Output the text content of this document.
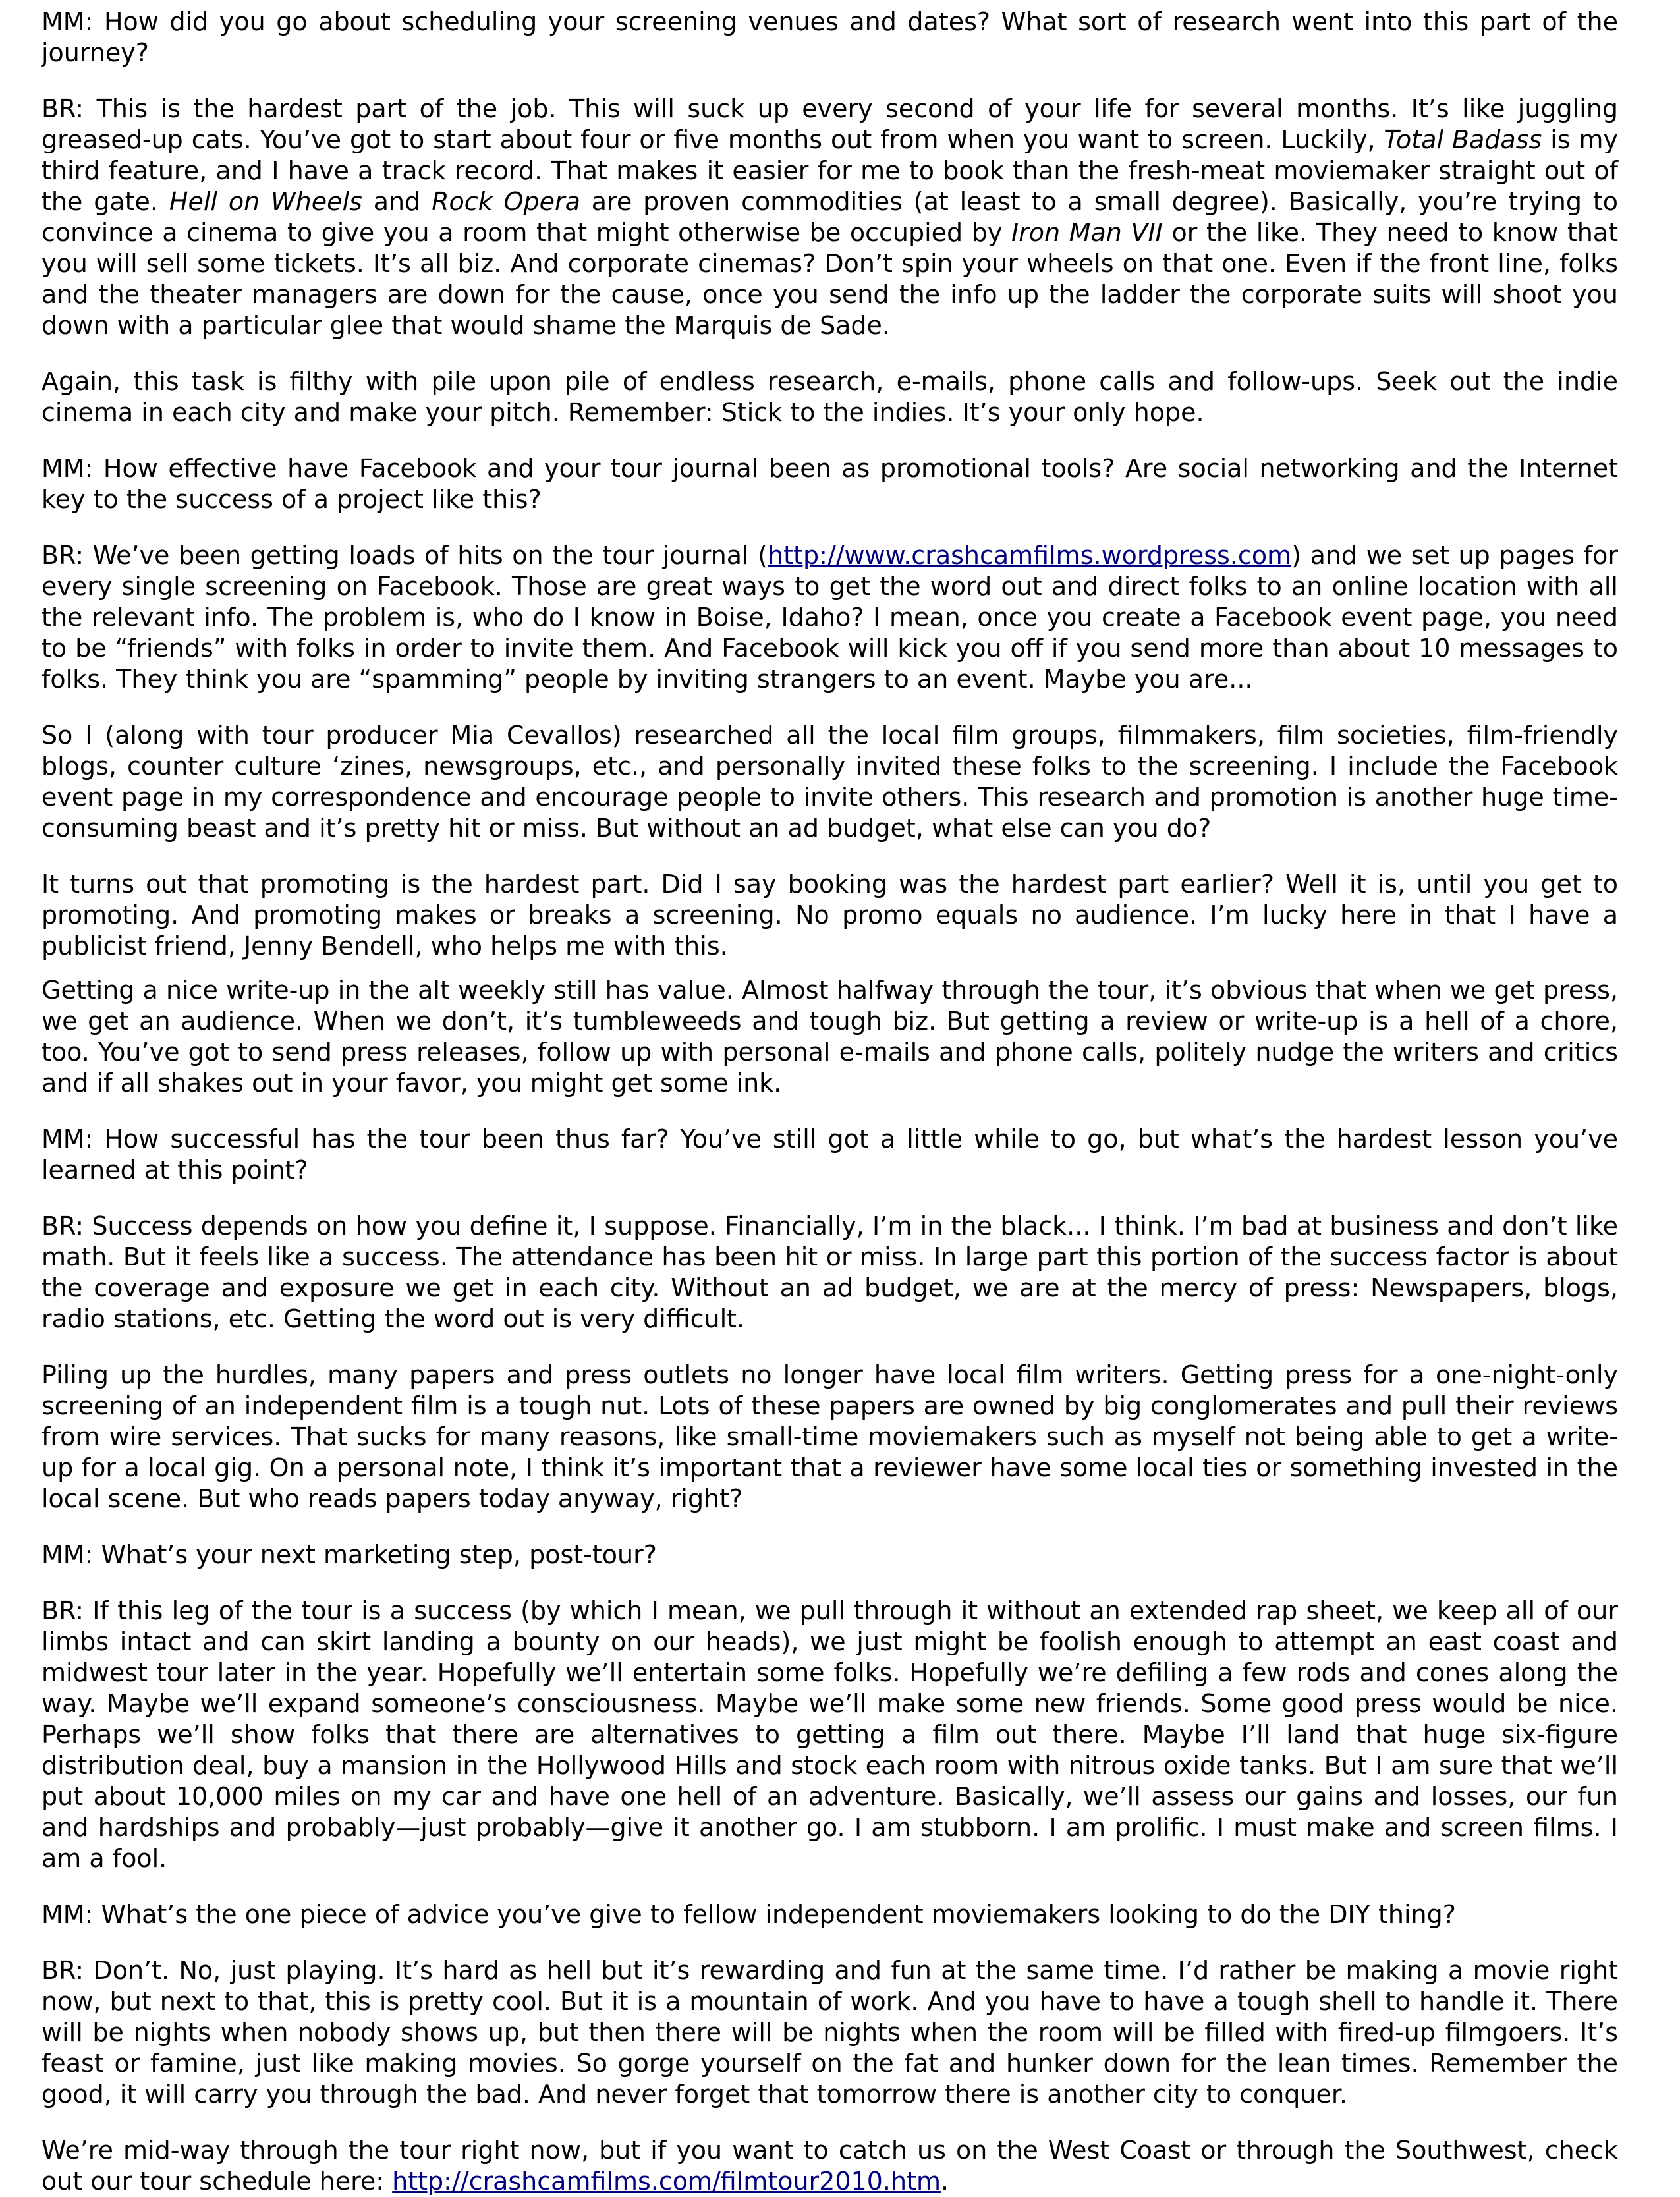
MM: How did you go about scheduling your screening venues and dates? What sort of research went into this part of the journey?

BR: This is the hardest part of the job. This will suck up every second of your life for several months. It’s like juggling greased-up cats. You’ve got to start about four or five months out from when you want to screen. Luckily, Total Badass is my third feature, and I have a track record. That makes it easier for me to book than the fresh-meat moviemaker straight out of the gate. Hell on Wheels and Rock Opera are proven commodities (at least to a small degree). Basically, you’re trying to convince a cinema to give you a room that might otherwise be occupied by Iron Man VII or the like. They need to know that you will sell some tickets. It’s all biz. And corporate cinemas? Don’t spin your wheels on that one. Even if the front line, folks and the theater managers are down for the cause, once you send the info up the ladder the corporate suits will shoot you down with a particular glee that would shame the Marquis de Sade.

Again, this task is filthy with pile upon pile of endless research, e-mails, phone calls and follow-ups. Seek out the indie cinema in each city and make your pitch. Remember: Stick to the indies. It’s your only hope.

MM: How effective have Facebook and your tour journal been as promotional tools? Are social networking and the Internet key to the success of a project like this?

BR: We’ve been getting loads of hits on the tour journal (http://www.crashcamfilms.wordpress.com) and we set up pages for every single screening on Facebook. Those are great ways to get the word out and direct folks to an online location with all the relevant info. The problem is, who do I know in Boise, Idaho? I mean, once you create a Facebook event page, you need to be “friends” with folks in order to invite them. And Facebook will kick you off if you send more than about 10 messages to folks. They think you are “spamming” people by inviting strangers to an event. Maybe you are...

So I (along with tour producer Mia Cevallos) researched all the local film groups, filmmakers, film societies, film-friendly blogs, counter culture ‘zines, newsgroups, etc., and personally invited these folks to the screening. I include the Facebook event page in my correspondence and encourage people to invite others. This research and promotion is another huge time-consuming beast and it’s pretty hit or miss. But without an ad budget, what else can you do?

It turns out that promoting is the hardest part. Did I say booking was the hardest part earlier? Well it is, until you get to promoting. And promoting makes or breaks a screening. No promo equals no audience. I’m lucky here in that I have a publicist friend, Jenny Bendell, who helps me with this.

Getting a nice write-up in the alt weekly still has value. Almost halfway through the tour, it’s obvious that when we get press, we get an audience. When we don’t, it’s tumbleweeds and tough biz. But getting a review or write-up is a hell of a chore, too. You’ve got to send press releases, follow up with personal e-mails and phone calls, politely nudge the writers and critics and if all shakes out in your favor, you might get some ink.

MM: How successful has the tour been thus far? You’ve still got a little while to go, but what’s the hardest lesson you’ve learned at this point?

BR: Success depends on how you define it, I suppose. Financially, I’m in the black... I think. I’m bad at business and don’t like math. But it feels like a success. The attendance has been hit or miss. In large part this portion of the success factor is about the coverage and exposure we get in each city. Without an ad budget, we are at the mercy of press: Newspapers, blogs, radio stations, etc. Getting the word out is very difficult.

Piling up the hurdles, many papers and press outlets no longer have local film writers. Getting press for a one-night-only screening of an independent film is a tough nut. Lots of these papers are owned by big conglomerates and pull their reviews from wire services. That sucks for many reasons, like small-time moviemakers such as myself not being able to get a write-up for a local gig. On a personal note, I think it’s important that a reviewer have some local ties or something invested in the local scene. But who reads papers today anyway, right?

MM: What’s your next marketing step, post-tour?

BR: If this leg of the tour is a success (by which I mean, we pull through it without an extended rap sheet, we keep all of our limbs intact and can skirt landing a bounty on our heads), we just might be foolish enough to attempt an east coast and midwest tour later in the year. Hopefully we’ll entertain some folks. Hopefully we’re defiling a few rods and cones along the way. Maybe we’ll expand someone’s consciousness. Maybe we’ll make some new friends. Some good press would be nice. Perhaps we’ll show folks that there are alternatives to getting a film out there. Maybe I’ll land that huge six-figure distribution deal, buy a mansion in the Hollywood Hills and stock each room with nitrous oxide tanks. But I am sure that we’ll put about 10,000 miles on my car and have one hell of an adventure. Basically, we’ll assess our gains and losses, our fun and hardships and probably—just probably—give it another go. I am stubborn. I am prolific. I must make and screen films. I am a fool.

MM: What’s the one piece of advice you’ve give to fellow independent moviemakers looking to do the DIY thing?

BR: Don’t. No, just playing. It’s hard as hell but it’s rewarding and fun at the same time. I’d rather be making a movie right now, but next to that, this is pretty cool. But it is a mountain of work. And you have to have a tough shell to handle it. There will be nights when nobody shows up, but then there will be nights when the room will be filled with fired-up filmgoers. It’s feast or famine, just like making movies. So gorge yourself on the fat and hunker down for the lean times. Remember the good, it will carry you through the bad. And never forget that tomorrow there is another city to conquer.

We’re mid-way through the tour right now, but if you want to catch us on the West Coast or through the Southwest, check out our tour schedule here: http://crashcamfilms.com/filmtour2010.htm.
